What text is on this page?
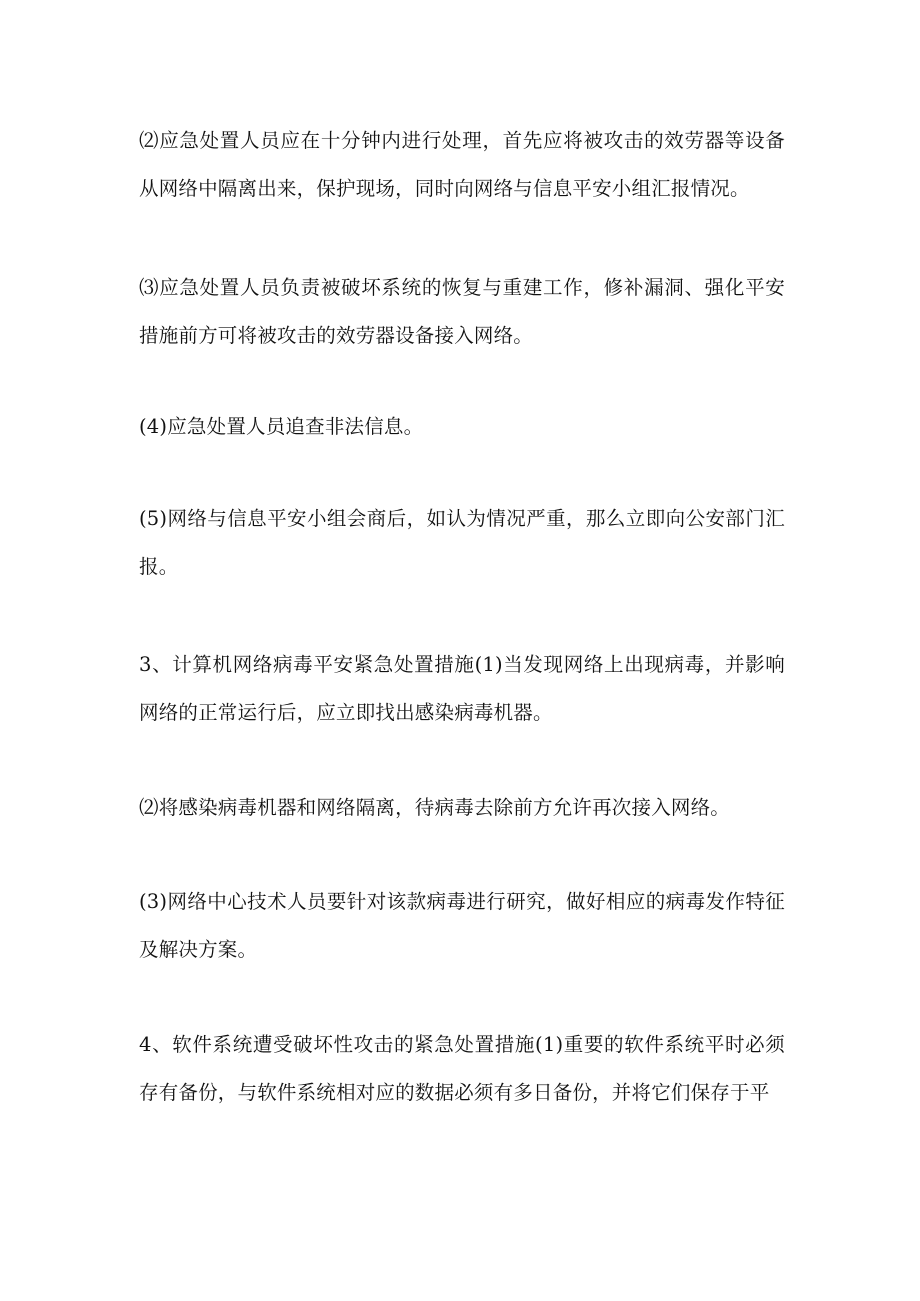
⑵应急处置人员应在十分钟内进行处理，首先应将被攻击的效劳器等设备从网络中隔离出来，保护现场，同时向网络与信息平安小组汇报情况。

⑶应急处置人员负责被破坏系统的恢复与重建工作，修补漏洞、强化平安措施前方可将被攻击的效劳器设备接入网络。

(4)应急处置人员追查非法信息。

(5)网络与信息平安小组会商后，如认为情况严重，那么立即向公安部门汇报。

3、计算机网络病毒平安紧急处置措施(1)当发现网络上出现病毒，并影响网络的正常运行后，应立即找出感染病毒机器。

⑵将感染病毒机器和网络隔离，待病毒去除前方允许再次接入网络。

(3)网络中心技术人员要针对该款病毒进行研究，做好相应的病毒发作特征及解决方案。

4、软件系统遭受破坏性攻击的紧急处置措施(1)重要的软件系统平时必须存有备份，与软件系统相对应的数据必须有多日备份，并将它们保存于平
